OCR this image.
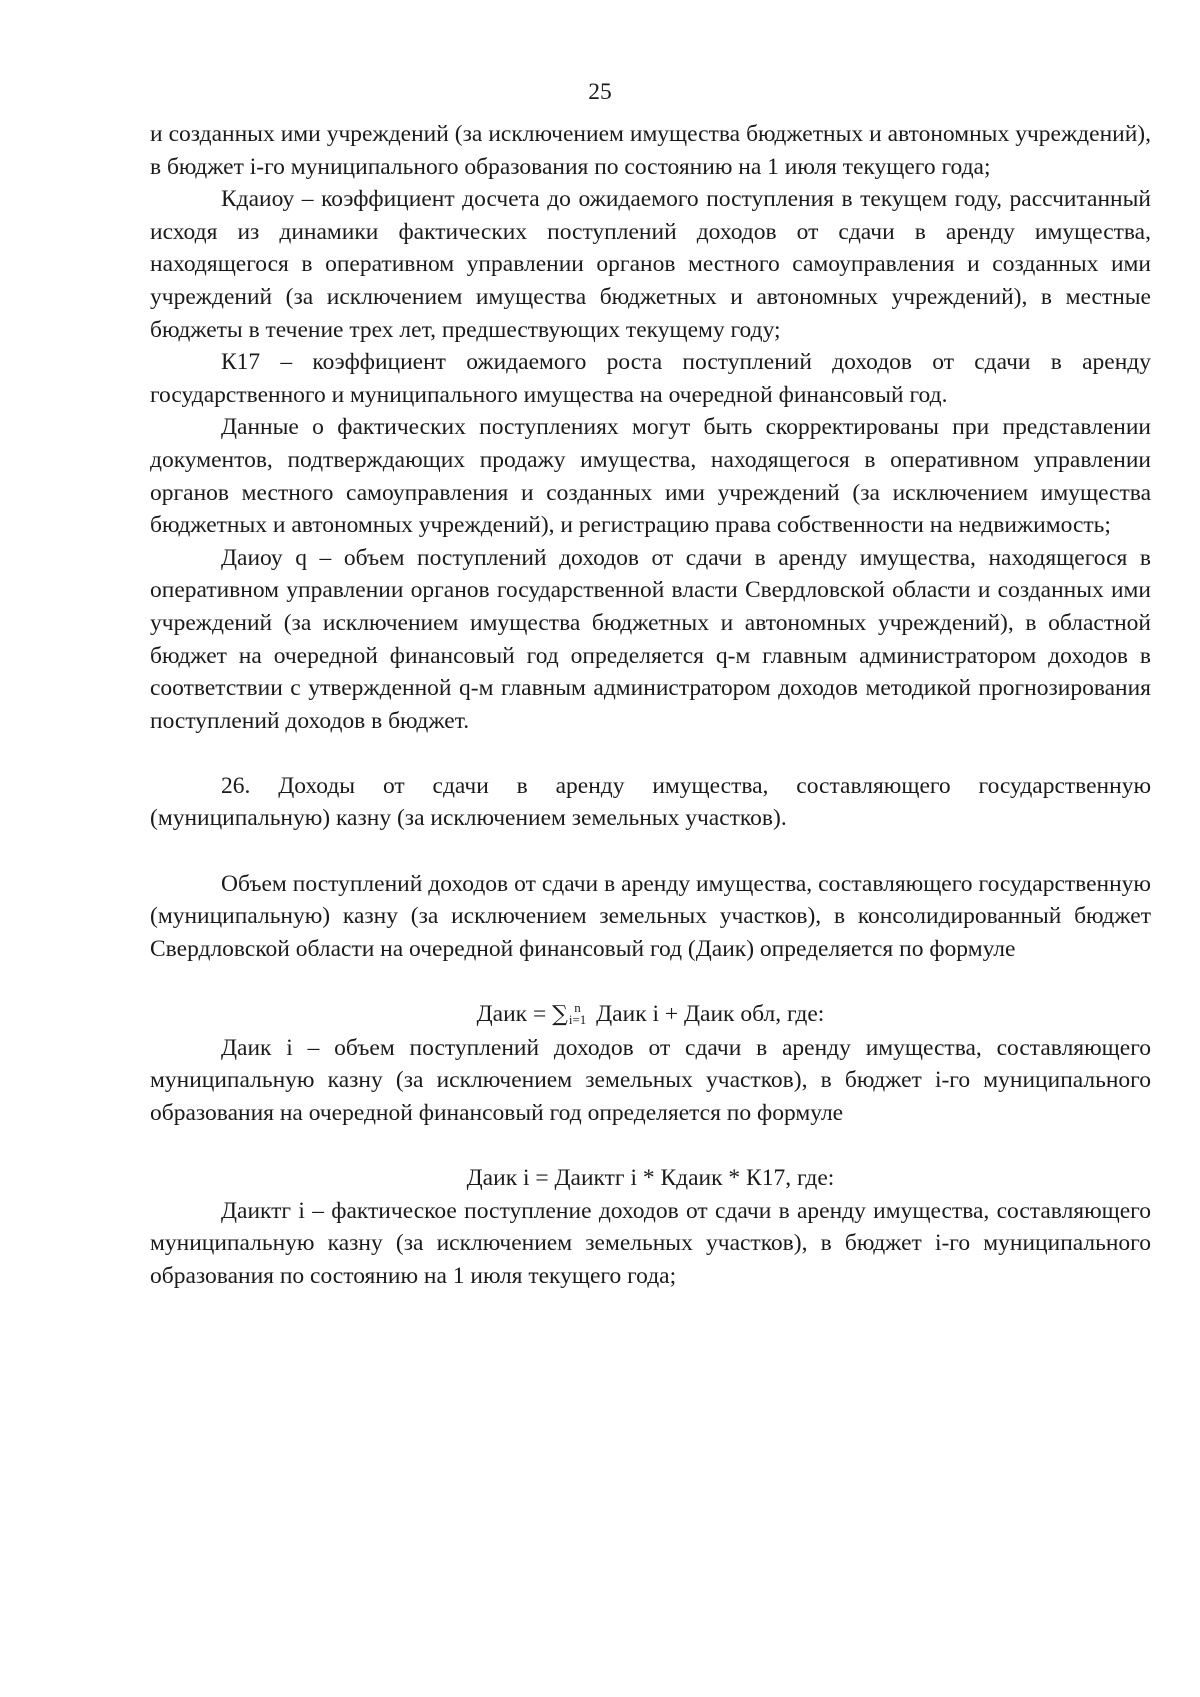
25

и созданных ими учреждений (за исключением имущества бюджетных и автономных учреждений), в бюджет i-го муниципального образования по состоянию на 1 июля текущего года;

Кдаиоу – коэффициент досчета до ожидаемого поступления в текущем году, рассчитанный исходя из динамики фактических поступлений доходов от сдачи в аренду имущества, находящегося в оперативном управлении органов местного самоуправления и созданных ими учреждений (за исключением имущества бюджетных и автономных учреждений), в местные бюджеты в течение трех лет, предшествующих текущему году;

К17 – коэффициент ожидаемого роста поступлений доходов от сдачи в аренду государственного и муниципального имущества на очередной финансовый год.

Данные о фактических поступлениях могут быть скорректированы при представлении документов, подтверждающих продажу имущества, находящегося в оперативном управлении органов местного самоуправления и созданных ими учреждений (за исключением имущества бюджетных и автономных учреждений), и регистрацию права собственности на недвижимость;

Даиоу q – объем поступлений доходов от сдачи в аренду имущества, находящегося в оперативном управлении органов государственной власти Свердловской области и созданных ими учреждений (за исключением имущества бюджетных и автономных учреждений), в областной бюджет на очередной финансовый год определяется q-м главным администратором доходов в соответствии с утвержденной q-м главным администратором доходов методикой прогнозирования поступлений доходов в бюджет.

26. Доходы от сдачи в аренду имущества, составляющего государственную (муниципальную) казну (за исключением земельных участков).

Объем поступлений доходов от сдачи в аренду имущества, составляющего государственную (муниципальную) казну (за исключением земельных участков), в консолидированный бюджет Свердловской области на очередной финансовый год (Даик) определяется по формуле

Даик = ∑ n
i=1 Даик i + Даик обл, где:

Даик i – объем поступлений доходов от сдачи в аренду имущества, составляющего муниципальную казну (за исключением земельных участков), в бюджет i-го муниципального образования на очередной финансовый год определяется по формуле

Даик i = Даиктг i * Кдаик * К17, где:

Даиктг i – фактическое поступление доходов от сдачи в аренду имущества, составляющего муниципальную казну (за исключением земельных участков), в бюджет i-го муниципального образования по состоянию на 1 июля текущего года;
